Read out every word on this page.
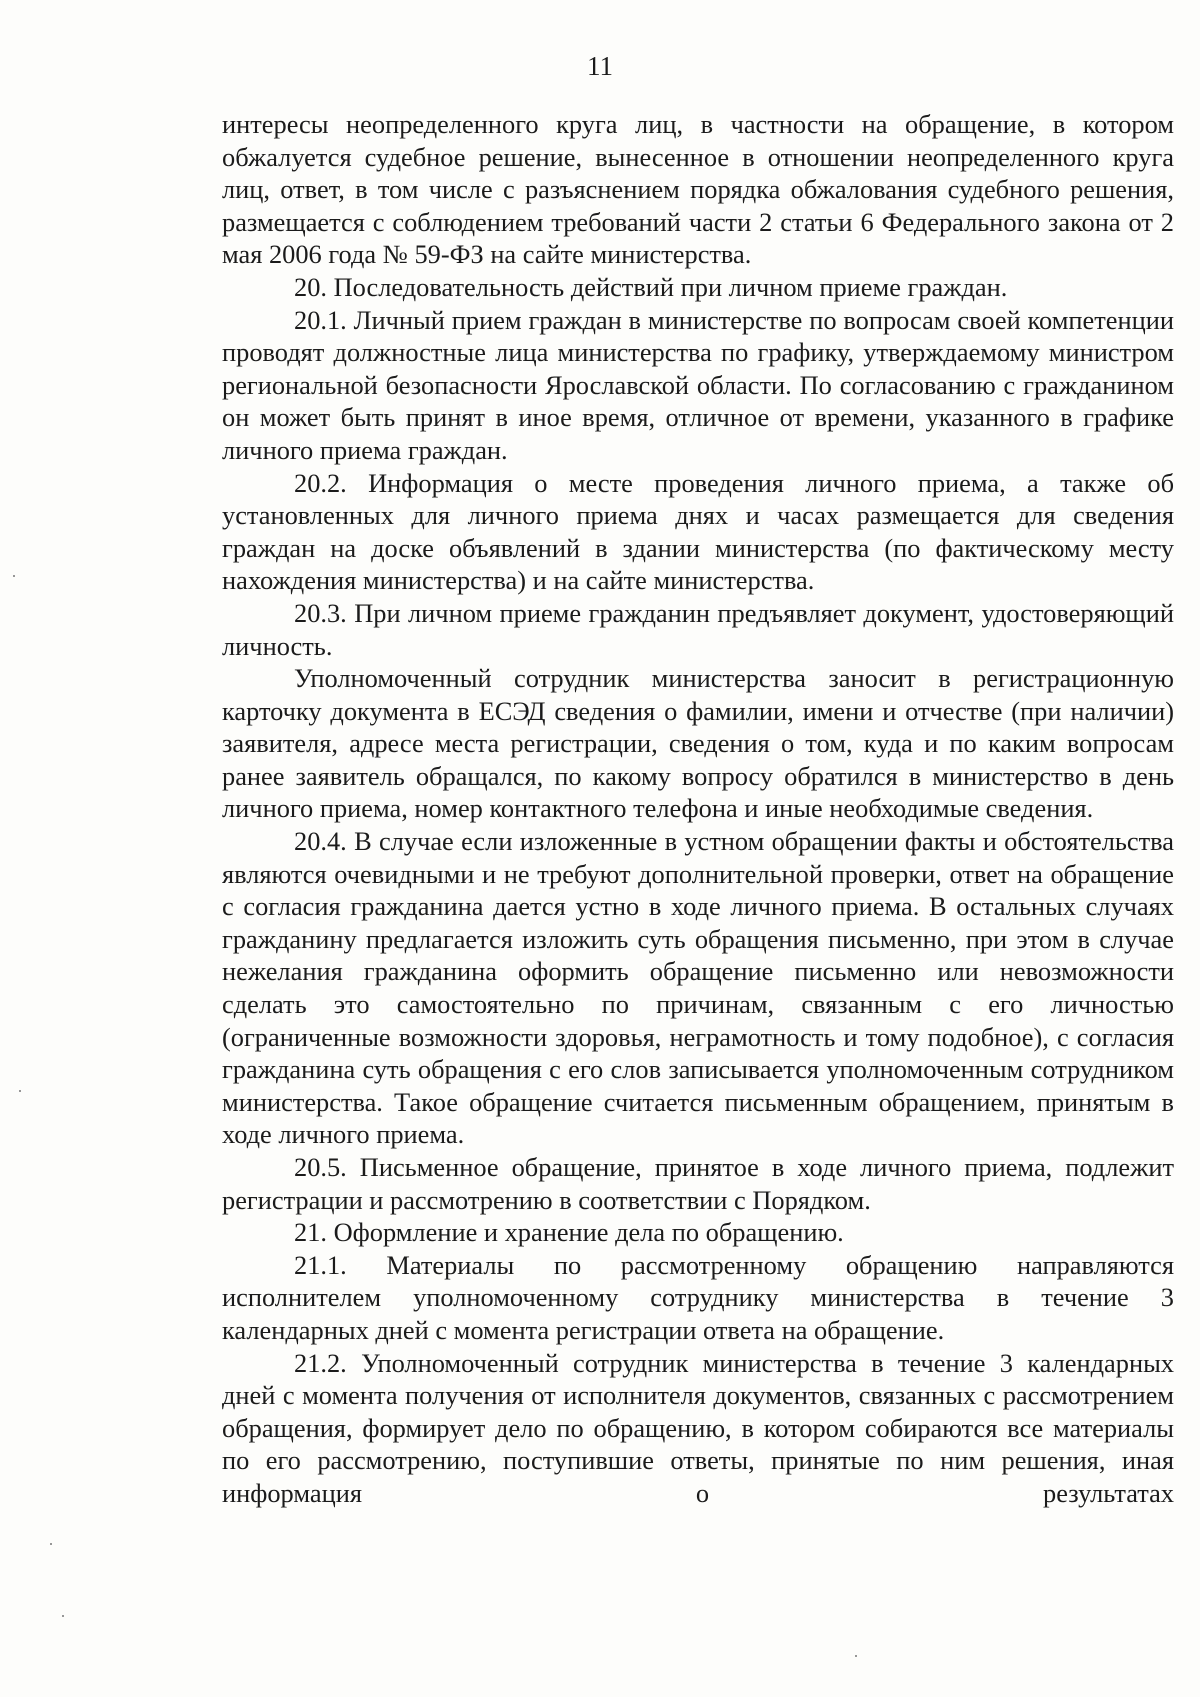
11

интересы неопределенного круга лиц, в частности на обращение, в котором обжалуется судебное решение, вынесенное в отношении неопределенного круга лиц, ответ, в том числе с разъяснением порядка обжалования судебного решения, размещается с соблюдением требований части 2 статьи 6 Федерального закона от 2 мая 2006 года № 59-ФЗ на сайте министерства.

20. Последовательность действий при личном приеме граждан.

20.1. Личный прием граждан в министерстве по вопросам своей компетенции проводят должностные лица министерства по графику, утверждаемому министром региональной безопасности Ярославской области. По согласованию с гражданином он может быть принят в иное время, отличное от времени, указанного в графике личного приема граждан.

20.2. Информация о месте проведения личного приема, а также об установленных для личного приема днях и часах размещается для сведения граждан на доске объявлений в здании министерства (по фактическому месту нахождения министерства) и на сайте министерства.

20.3. При личном приеме гражданин предъявляет документ, удостоверяющий личность.

Уполномоченный сотрудник министерства заносит в регистрационную карточку документа в ЕСЭД сведения о фамилии, имени и отчестве (при наличии) заявителя, адресе места регистрации, сведения о том, куда и по каким вопросам ранее заявитель обращался, по какому вопросу обратился в министерство в день личного приема, номер контактного телефона и иные необходимые сведения.

20.4. В случае если изложенные в устном обращении факты и обстоятельства являются очевидными и не требуют дополнительной проверки, ответ на обращение с согласия гражданина дается устно в ходе личного приема. В остальных случаях гражданину предлагается изложить суть обращения письменно, при этом в случае нежелания гражданина оформить обращение письменно или невозможности сделать это самостоятельно по причинам, связанным с его личностью (ограниченные возможности здоровья, неграмотность и тому подобное), с согласия гражданина суть обращения с его слов записывается уполномоченным сотрудником министерства. Такое обращение считается письменным обращением, принятым в ходе личного приема.

20.5. Письменное обращение, принятое в ходе личного приема, подлежит регистрации и рассмотрению в соответствии с Порядком.

21. Оформление и хранение дела по обращению.

21.1. Материалы по рассмотренному обращению направляются исполнителем уполномоченному сотруднику министерства в течение 3 календарных дней с момента регистрации ответа на обращение.

21.2. Уполномоченный сотрудник министерства в течение 3 календарных дней с момента получения от исполнителя документов, связанных с рассмотрением обращения, формирует дело по обращению, в котором собираются все материалы по его рассмотрению, поступившие ответы, принятые по ним решения, иная информация о результатах
